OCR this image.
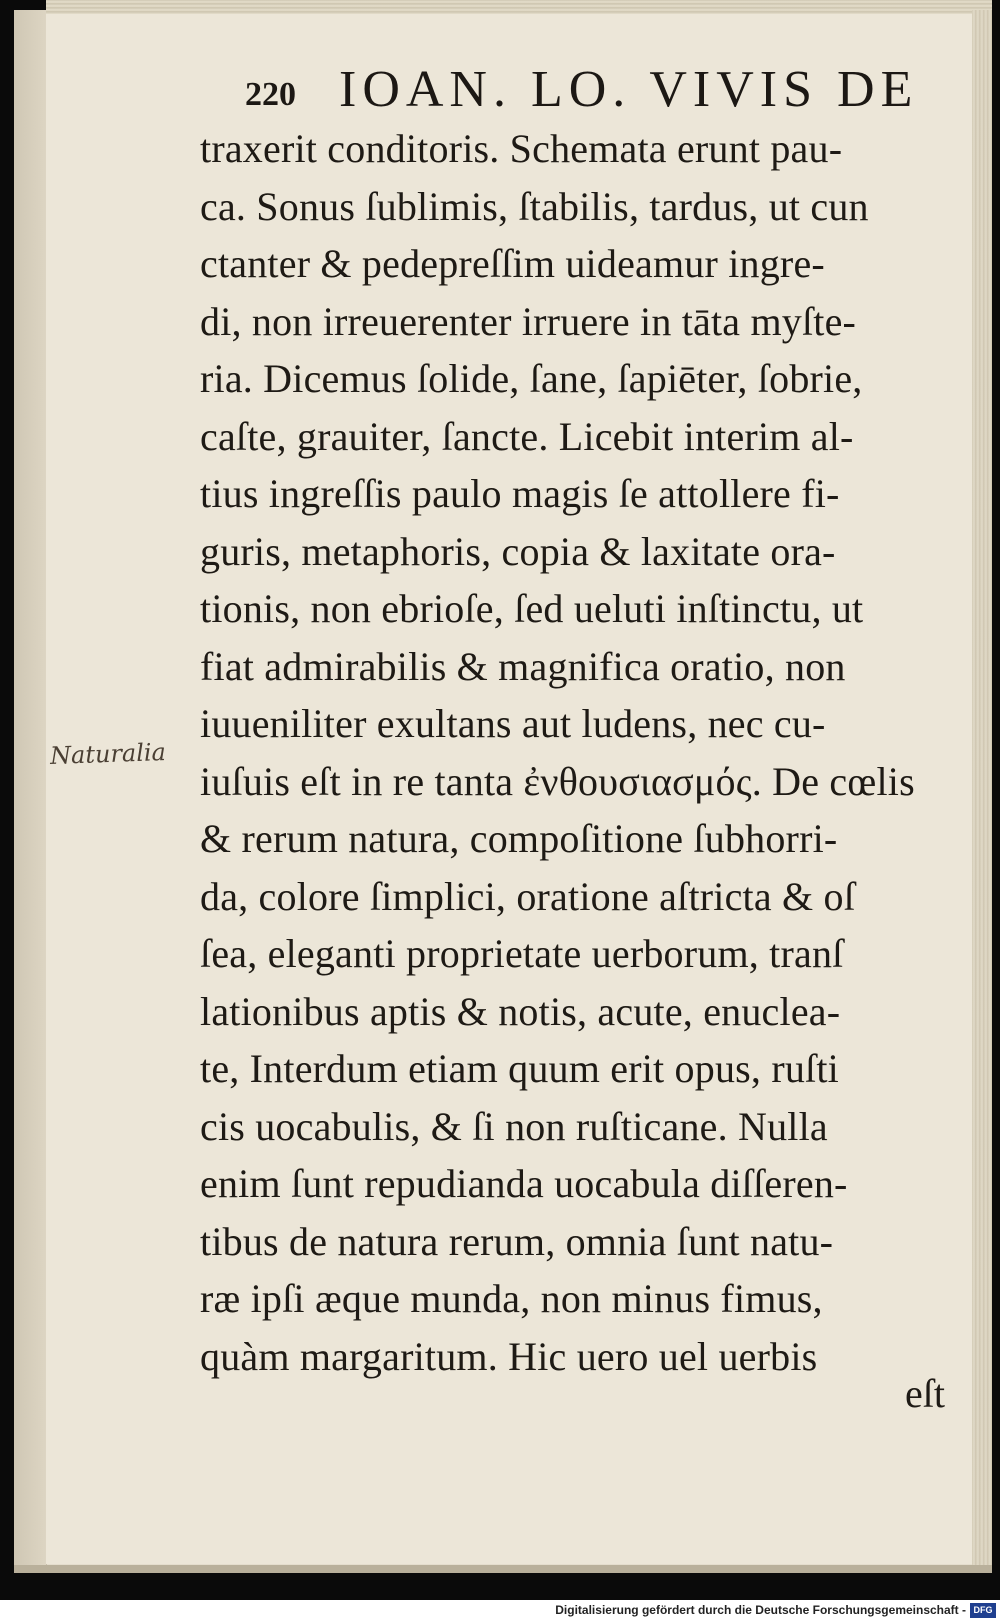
220 IOAN. LO. VIVIS DE
Naturalia
traxerit conditoris. Schemata erunt pau-
ca. Sonus ſublimis, ſtabilis, tardus, ut cun
ctanter & pedepreſſim uideamur ingre-
di, non irreuerenter irruere in tāta myſte-
ria. Dicemus ſolide, ſane, ſapiēter, ſobrie,
caſte, grauiter, ſancte. Licebit interim al-
tius ingreſſis paulo magis ſe attollere fi-
guris, metaphoris, copia & laxitate ora-
tionis, non ebrioſe, ſed ueluti inſtinctu, ut
fiat admirabilis & magnifica oratio, non
iuueniliter exultans aut ludens, nec cu-
iuſuis eſt in re tanta ἐνθουσιασμός. De cœlis
& rerum natura, compoſitione ſubhorri-
da, colore ſimplici, oratione aſtricta & oſ
ſea, eleganti proprietate uerborum, tranſ
lationibus aptis & notis, acute, enuclea-
te, Interdum etiam quum erit opus, ruſti
cis uocabulis, & ſi non ruſticane. Nulla
enim ſunt repudianda uocabula diſſeren-
tibus de natura rerum, omnia ſunt natu-
ræ ipſi æque munda, non minus fimus,
quàm margaritum. Hic uero uel uerbis
eſt
Digitalisierung gefördert durch die Deutsche Forschungsgemeinschaft - DFG
